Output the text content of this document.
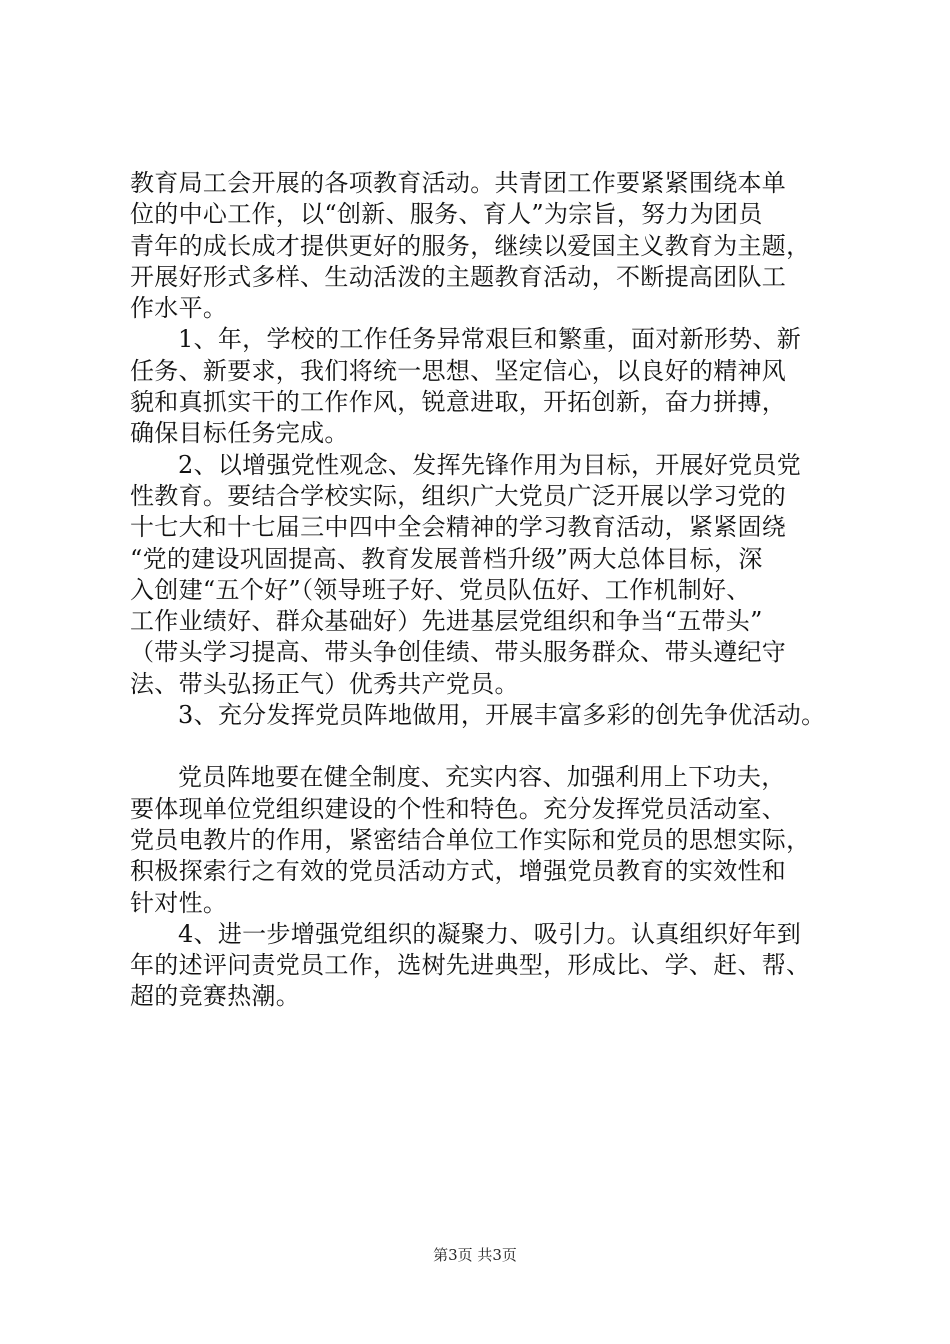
教育局工会开展的各项教育活动。共青团工作要紧紧围绕本单
位的中心工作，以“创新、服务、育人”为宗旨，努力为团员
青年的成长成才提供更好的服务，继续以爱国主义教育为主题，
开展好形式多样、生动活泼的主题教育活动，不断提高团队工
作水平。

1、年，学校的工作任务异常艰巨和繁重，面对新形势、新
任务、新要求，我们将统一思想、坚定信心，以良好的精神风
貌和真抓实干的工作作风，锐意进取，开拓创新，奋力拼搏，
确保目标任务完成。

2、以增强党性观念、发挥先锋作用为目标，开展好党员党
性教育。要结合学校实际，组织广大党员广泛开展以学习党的
十七大和十七届三中四中全会精神的学习教育活动，紧紧固绕
“党的建设巩固提高、教育发展普档升级”两大总体目标，深
入创建“五个好”（领导班子好、党员队伍好、工作机制好、
工作业绩好、群众基础好）先进基层党组织和争当“五带头”
（带头学习提高、带头争创佳绩、带头服务群众、带头遵纪守
法、带头弘扬正气）优秀共产党员。

3、充分发挥党员阵地做用，开展丰富多彩的创先争优活动。

党员阵地要在健全制度、充实内容、加强利用上下功夫，
要体现单位党组织建设的个性和特色。充分发挥党员活动室、
党员电教片的作用，紧密结合单位工作实际和党员的思想实际，
积极探索行之有效的党员活动方式，增强党员教育的实效性和
针对性。

4、进一步增强党组织的凝聚力、吸引力。认真组织好年到
年的述评问责党员工作，选树先进典型，形成比、学、赶、帮、
超的竞赛热潮。

第3页 共3页
